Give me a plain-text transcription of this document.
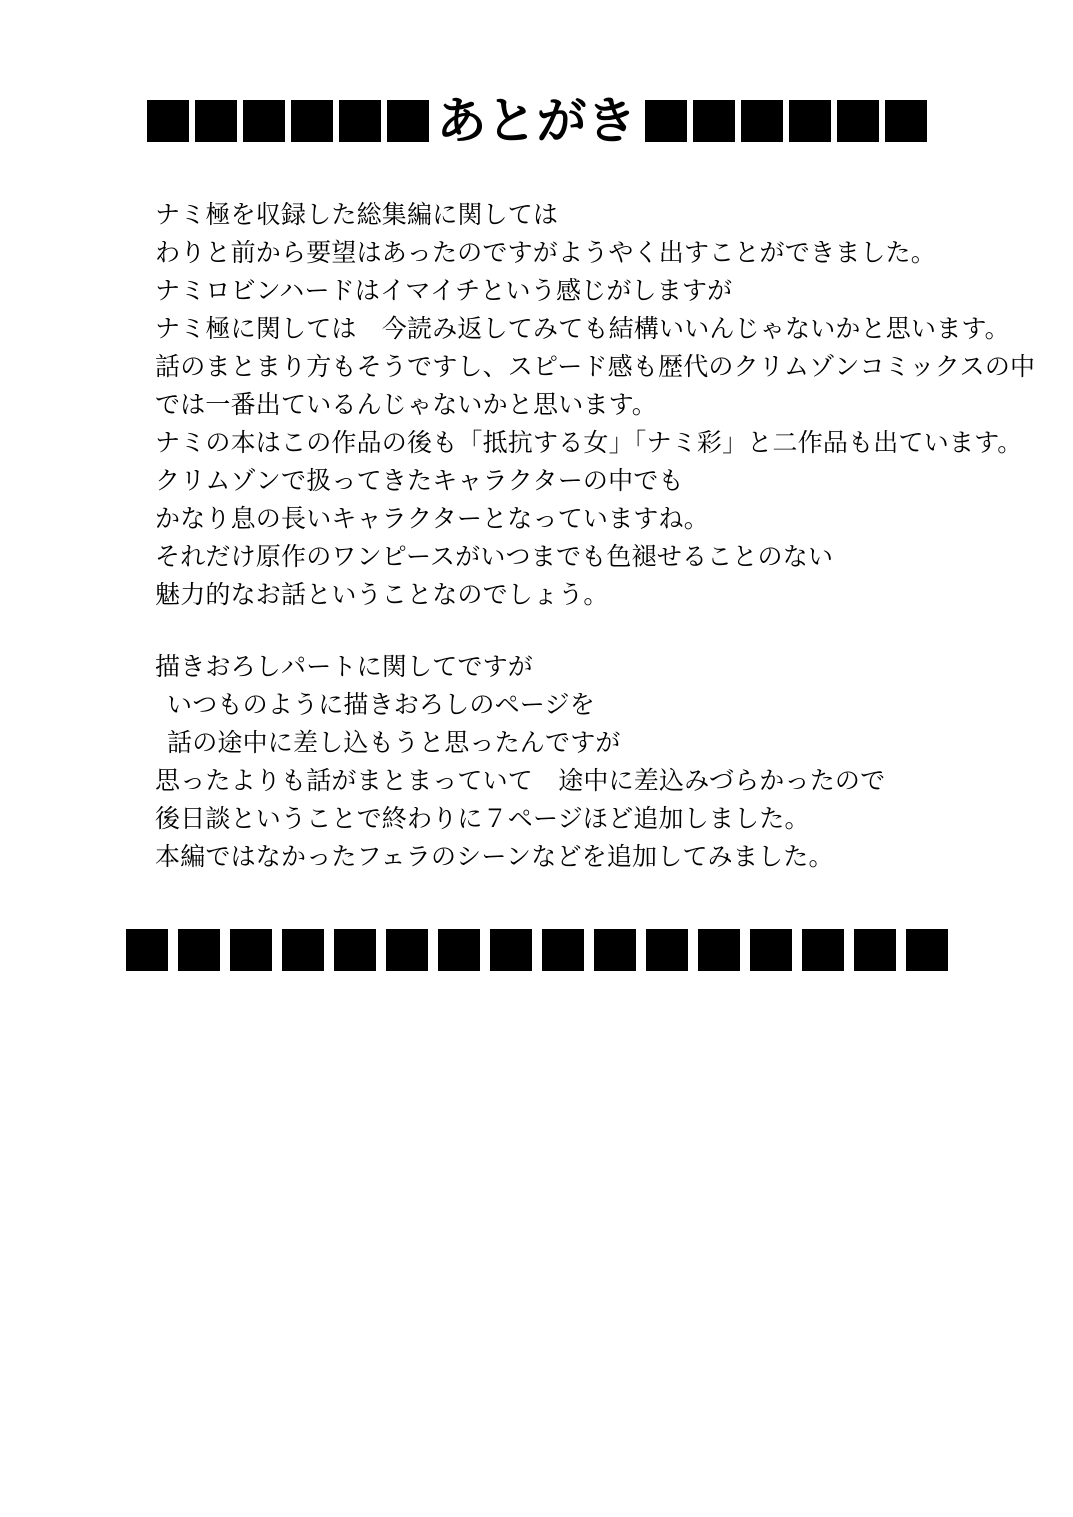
あとがき
ナミ極を収録した総集編に関しては
わりと前から要望はあったのですがようやく出すことができました。
ナミロビンハードはイマイチという感じがしますが
ナミ極に関しては　今読み返してみても結構いいんじゃないかと思います。
話のまとまり方もそうですし、スピード感も歴代のクリムゾンコミックスの中
では一番出ているんじゃないかと思います。
ナミの本はこの作品の後も「抵抗する女」「ナミ彩」と二作品も出ています。
クリムゾンで扱ってきたキャラクターの中でも
かなり息の長いキャラクターとなっていますね。
それだけ原作のワンピースがいつまでも色褪せることのない
魅力的なお話ということなのでしょう。
描きおろしパートに関してですが
いつものように描きおろしのページを
話の途中に差し込もうと思ったんですが
思ったよりも話がまとまっていて　途中に差込みづらかったので
後日談ということで終わりに７ページほど追加しました。
本編ではなかったフェラのシーンなどを追加してみました。
